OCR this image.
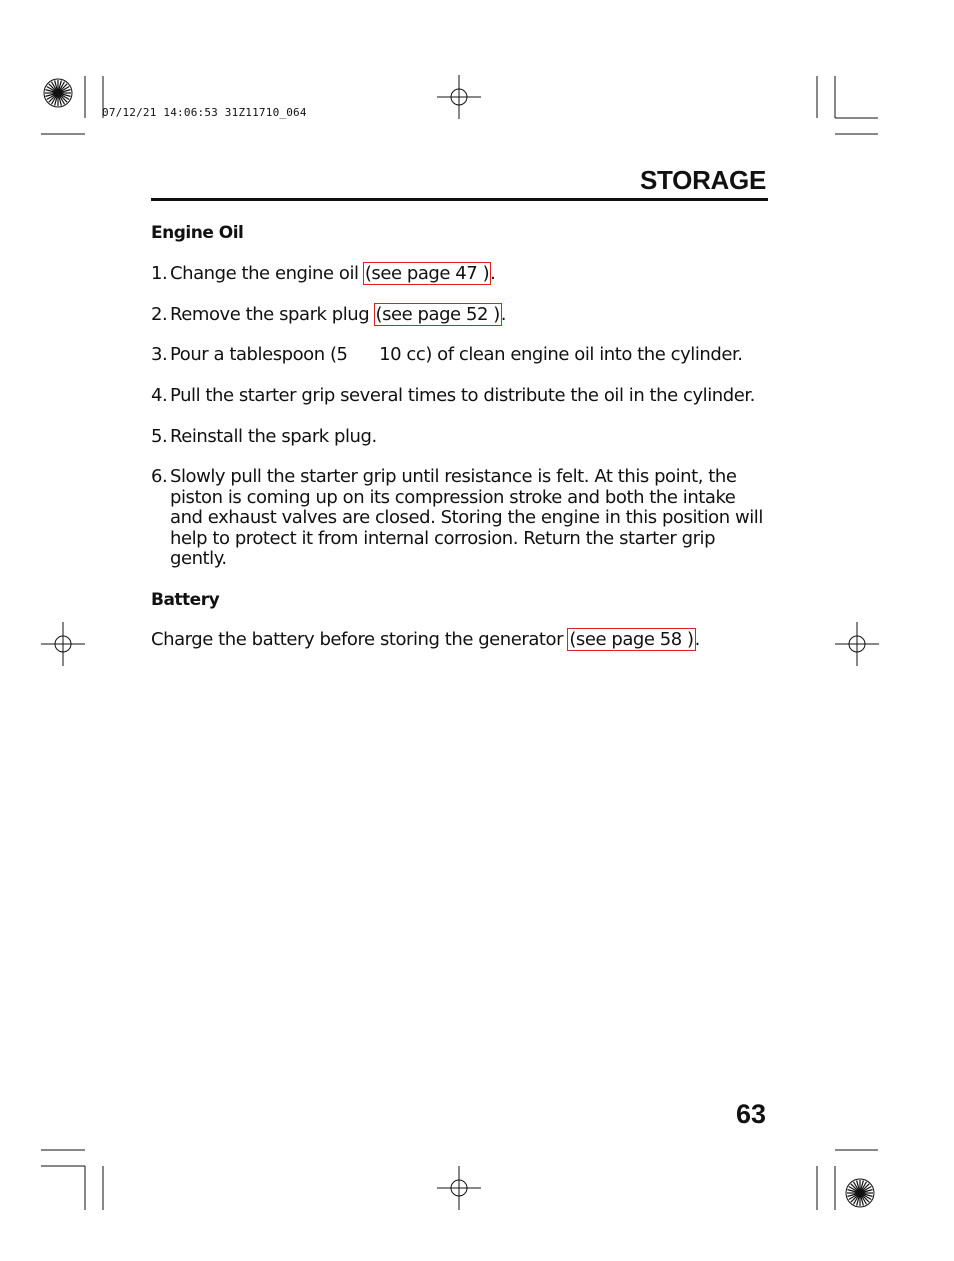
07/12/21 14:06:53 31Z11710_064
STORAGE
Engine Oil
1. Change the engine oil (see page 47 ).
2. Remove the spark plug (see page 52 ).
3. Pour a tablespoon (5      10 cc) of clean engine oil into the cylinder.
4. Pull the starter grip several times to distribute the oil in the cylinder.
5. Reinstall the spark plug.
6. Slowly pull the starter grip until resistance is felt. At this point, the piston is coming up on its compression stroke and both the intake and exhaust valves are closed. Storing the engine in this position will help to protect it from internal corrosion. Return the starter grip gently.
Battery
Charge the battery before storing the generator (see page 58 ).
63
